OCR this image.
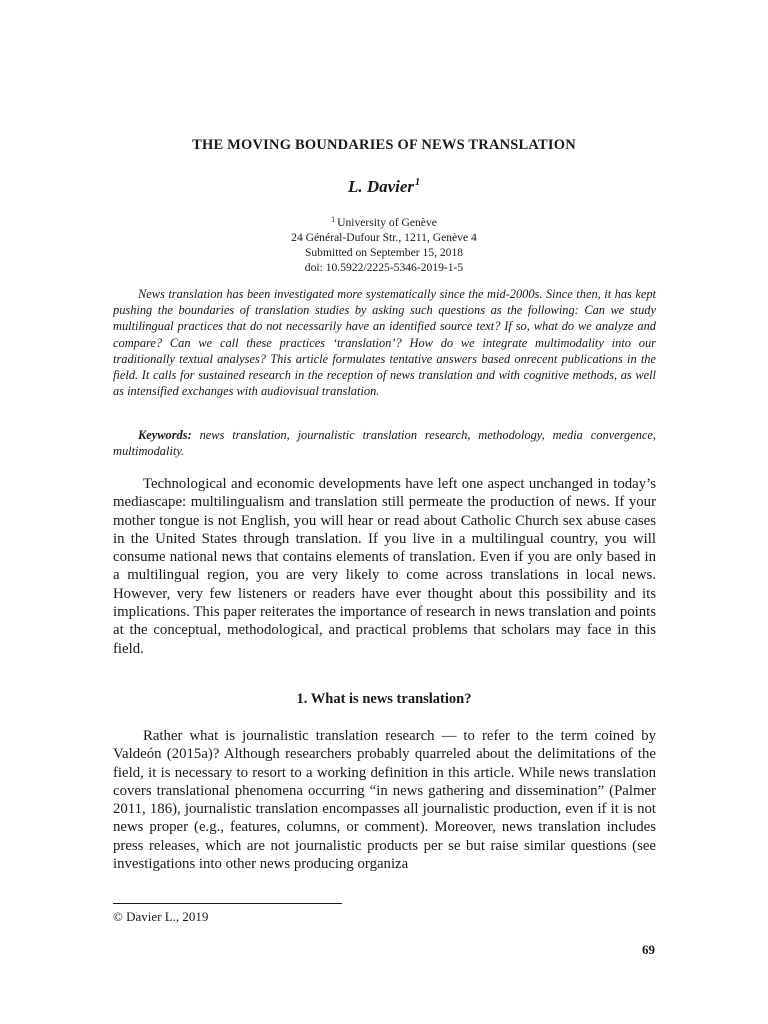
THE MOVING BOUNDARIES OF NEWS TRANSLATION
L. Davier$^1$
$^1$ University of Genève
24 Général-Dufour Str., 1211, Genève 4
Submitted on September 15, 2018
doi: 10.5922/2225-5346-2019-1-5

News translation has been investigated more systematically since the mid-2000s. Since then, it has kept pushing the boundaries of translation studies by asking such questions as the following: Can we study multilingual practices that do not necessarily have an identified source text? If so, what do we analyze and compare? Can we call these practices ‘translation’? How do we integrate multimodality into our traditionally textual analyses? This article formulates tentative answers based onrecent publications in the field. It calls for sustained research in the reception of news translation and with cognitive methods, as well as intensified exchanges with audiovisual translation.

Keywords: news translation, journalistic translation research, methodology, media convergence, multimodality.

Technological and economic developments have left one aspect unchanged in today’s mediascape: multilingualism and translation still permeate the production of news. If your mother tongue is not English, you will hear or read about Catholic Church sex abuse cases in the United States through translation. If you live in a multilingual country, you will consume national news that contains elements of translation. Even if you are only based in a multilingual region, you are very likely to come across translations in local news. However, very few listeners or readers have ever thought about this possibility and its implications. This paper reiterates the importance of research in news translation and points at the conceptual, methodological, and practical problems that scholars may face in this field.

1. What is news translation?

Rather what is journalistic translation research — to refer to the term coined by Valdeón (2015a)? Although researchers probably quarreled about the delimitations of the field, it is necessary to resort to a working definition in this article. While news translation covers translational phenomena occurring “in news gathering and dissemination” (Palmer 2011, 186), journalistic translation encompasses all journalistic production, even if it is not news proper (e.g., features, columns, or comment). Moreover, news translation includes press releases, which are not journalistic products per se but raise similar questions (see investigations into other news producing organiza

© Davier L., 2019
69
